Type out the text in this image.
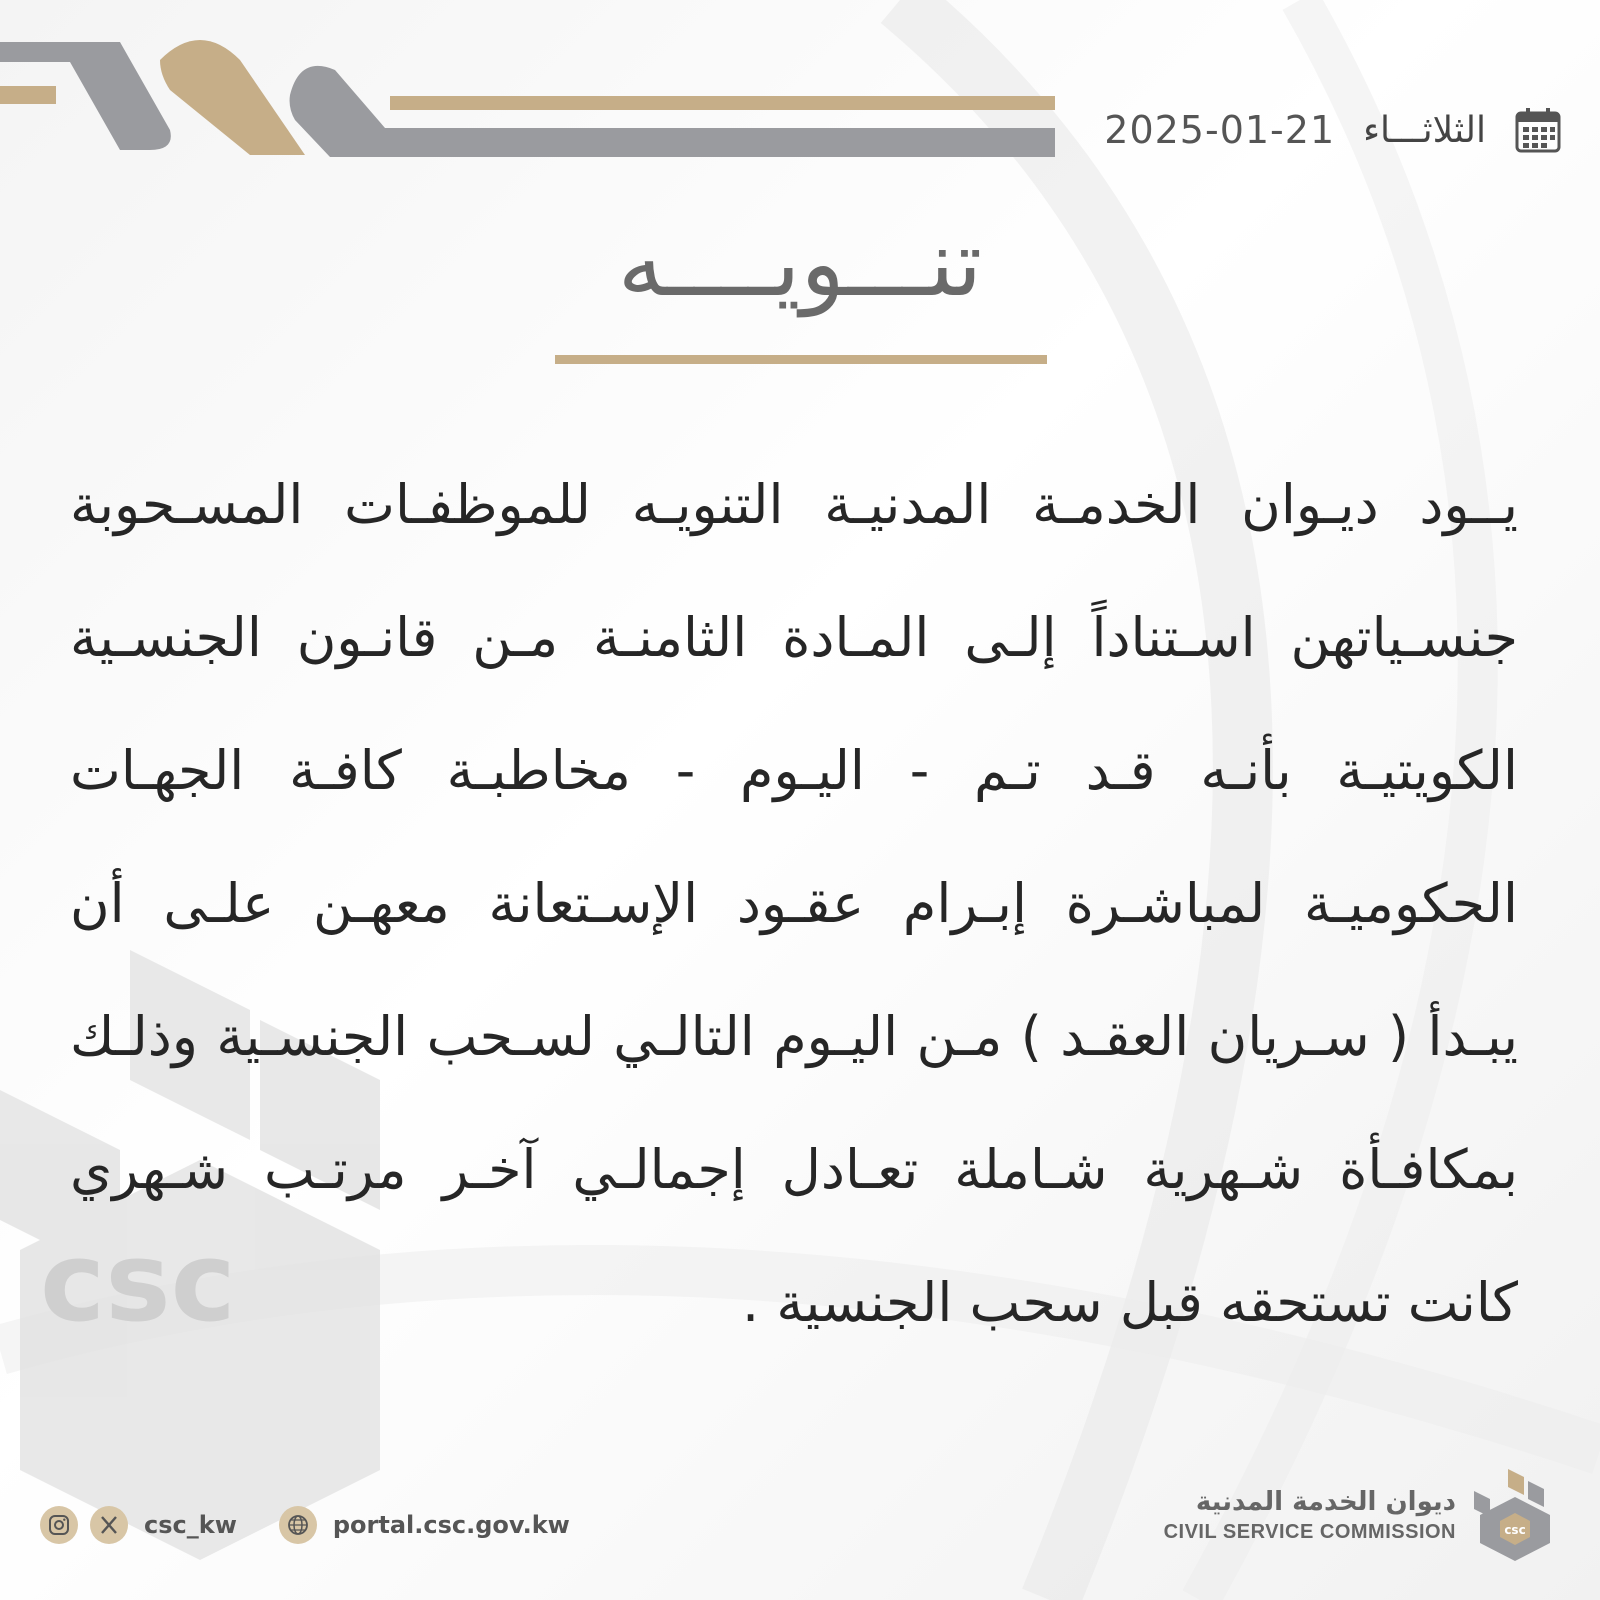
csc
الثلاثـــاء
2025-01-21
تنـــويــــه
يــود ديـوان الخدمـة المدنيـة التنويـه للموظفـات المسـحوبة
جنسـياتهن اسـتناداً إلـى المـادة الثامنـة مـن قانـون الجنسـية
الكويتيـة بأنـه قـد تـم - اليـوم - مخاطبـة كافـة الجهـات
الحكوميـة لمباشـرة إبـرام عقـود الإسـتعانة معهـن علـى أن
يبـدأ ( سـريان العقـد ) مـن اليـوم التالـي لسـحب الجنسـية وذلـك
بمكافـأة شـهرية شـاملة تعـادل إجمالـي آخـر مرتـب شـهري
كانت تستحقه قبل سحب الجنسية .
csc_kw	portal.csc.gov.kw
ديوان الخدمة المدنية
CIVIL SERVICE COMMISSION	csc
